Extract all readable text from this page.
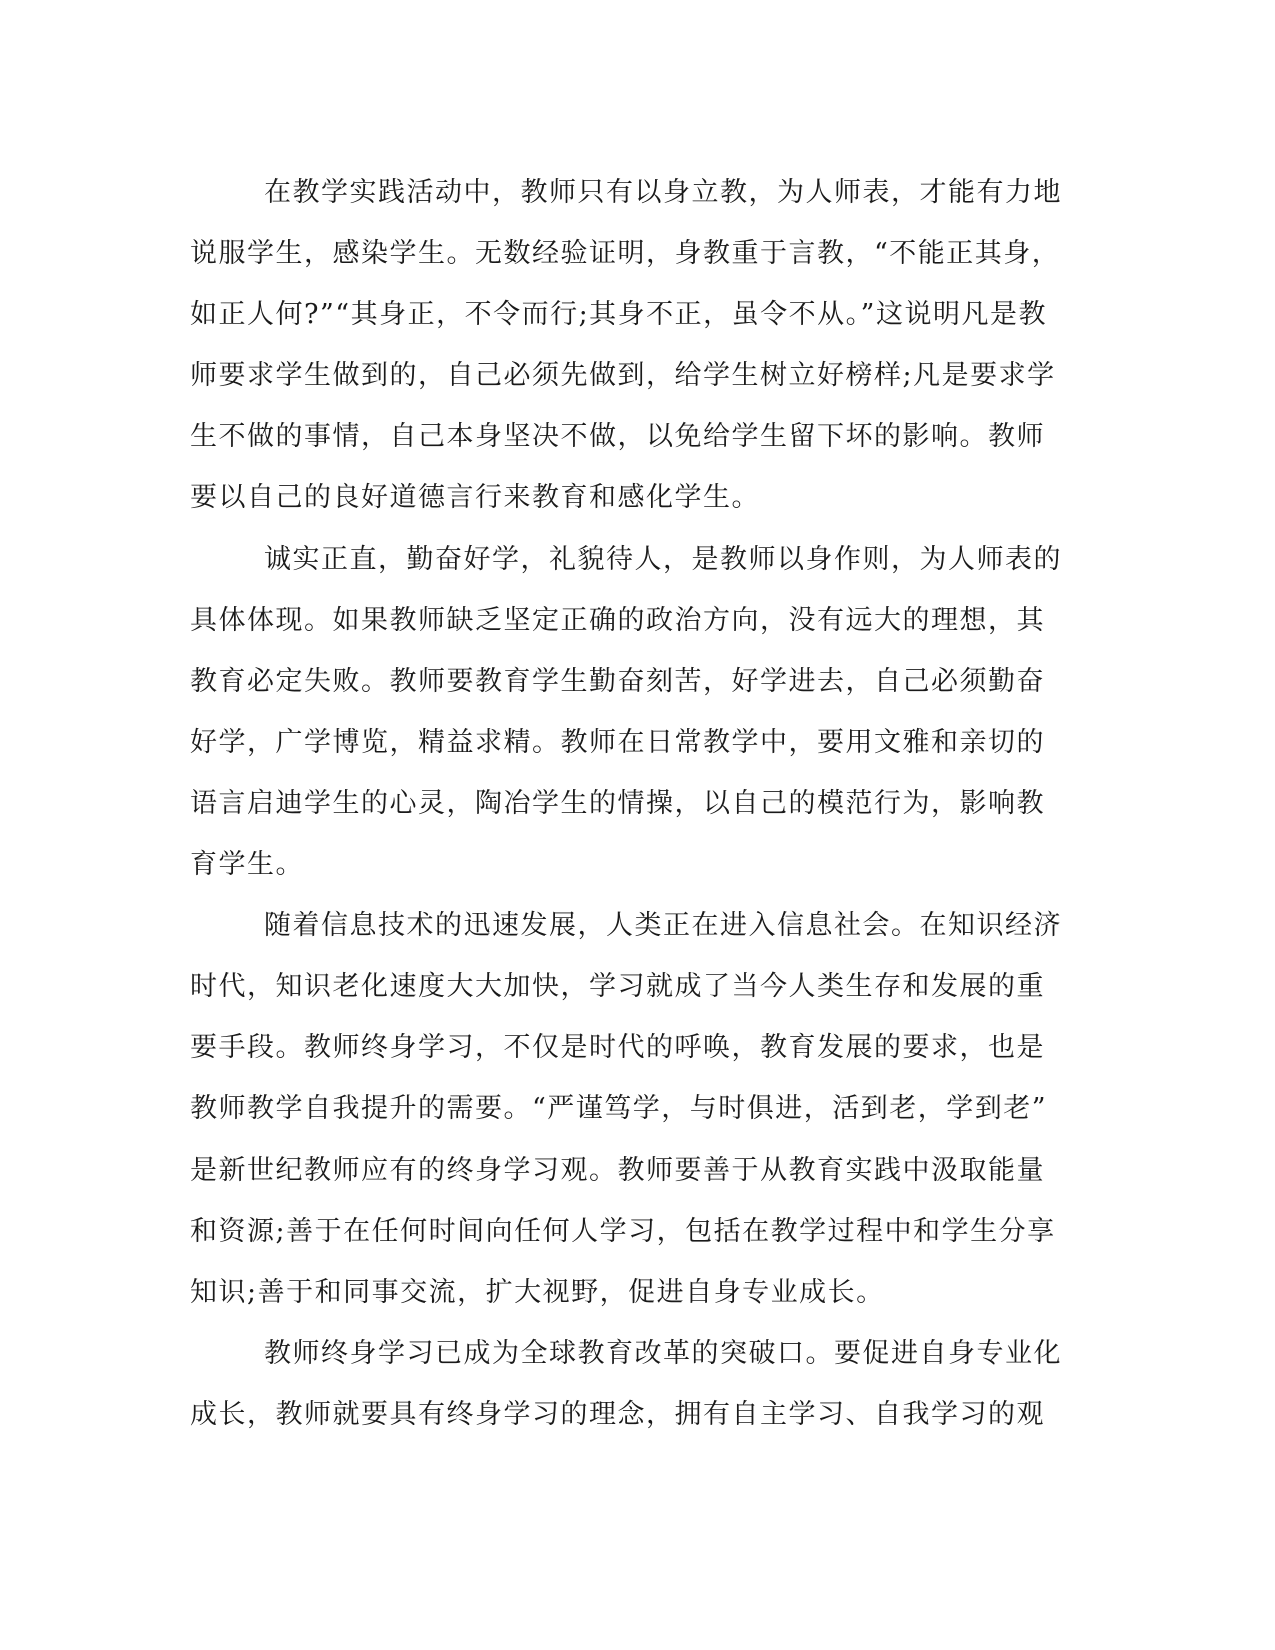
在教学实践活动中，教师只有以身立教，为人师表，才能有力地
说服学生，感染学生。无数经验证明，身教重于言教，“不能正其身，
如正人何?”“其身正，不令而行;其身不正，虽令不从。”这说明凡是教
师要求学生做到的，自己必须先做到，给学生树立好榜样;凡是要求学
生不做的事情，自己本身坚决不做，以免给学生留下坏的影响。教师
要以自己的良好道德言行来教育和感化学生。
诚实正直，勤奋好学，礼貌待人，是教师以身作则，为人师表的
具体体现。如果教师缺乏坚定正确的政治方向，没有远大的理想，其
教育必定失败。教师要教育学生勤奋刻苦，好学进去，自己必须勤奋
好学，广学博览，精益求精。教师在日常教学中，要用文雅和亲切的
语言启迪学生的心灵，陶冶学生的情操，以自己的模范行为，影响教
育学生。
随着信息技术的迅速发展，人类正在进入信息社会。在知识经济
时代，知识老化速度大大加快，学习就成了当今人类生存和发展的重
要手段。教师终身学习，不仅是时代的呼唤，教育发展的要求，也是
教师教学自我提升的需要。“严谨笃学，与时俱进，活到老，学到老”
是新世纪教师应有的终身学习观。教师要善于从教育实践中汲取能量
和资源;善于在任何时间向任何人学习，包括在教学过程中和学生分享
知识;善于和同事交流，扩大视野，促进自身专业成长。
教师终身学习已成为全球教育改革的突破口。要促进自身专业化
成长，教师就要具有终身学习的理念，拥有自主学习、自我学习的观
